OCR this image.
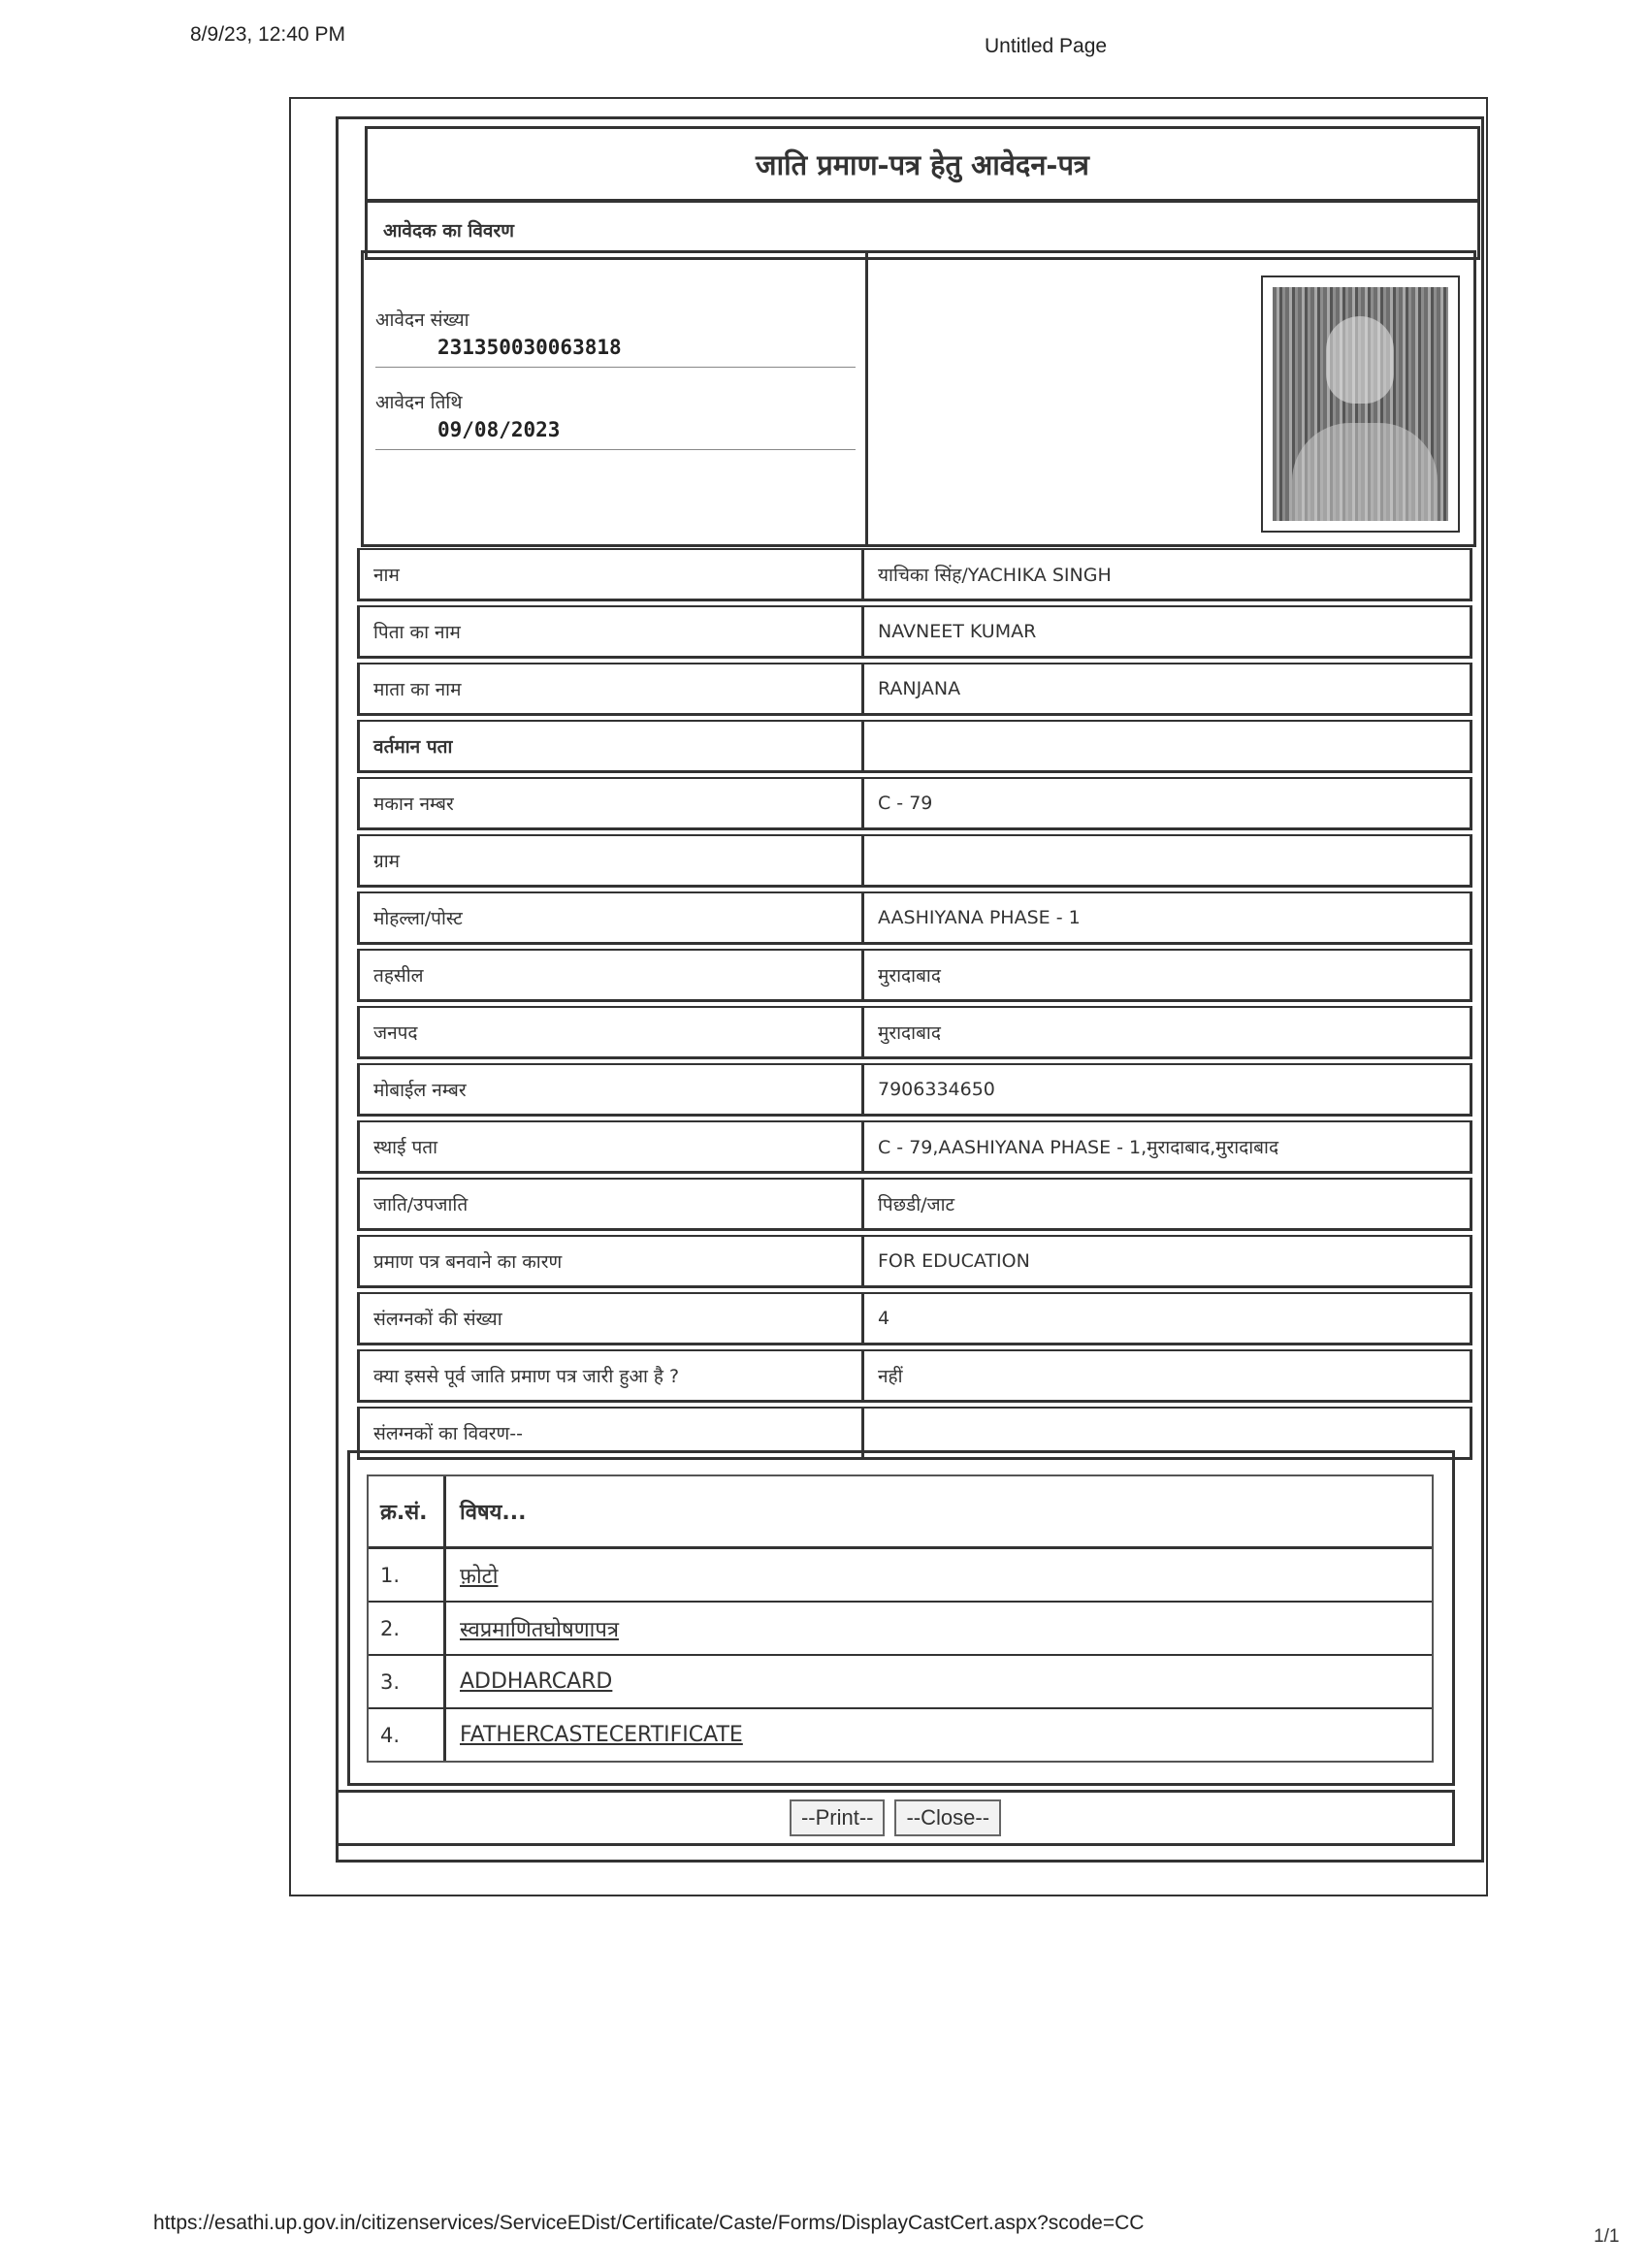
8/9/23, 12:40 PM
Untitled Page
जाति प्रमाण-पत्र हेतु आवेदन-पत्र
आवेदक का विवरण
आवेदन संख्या
231350030063818
आवेदन तिथि
09/08/2023
नाम	याचिका सिंह/YACHIKA SINGH
पिता का नाम	NAVNEET KUMAR
माता का नाम	RANJANA
वर्तमान पता
मकान नम्बर	C - 79
ग्राम
मोहल्ला/पोस्ट	AASHIYANA PHASE - 1
तहसील	मुरादाबाद
जनपद	मुरादाबाद
मोबाईल नम्बर	7906334650
स्थाई पता	C - 79,AASHIYANA PHASE - 1,मुरादाबाद,मुरादाबाद
जाति/उपजाति	पिछडी/जाट
प्रमाण पत्र बनवाने का कारण	FOR EDUCATION
संलग्नकों की संख्या	4
क्या इससे पूर्व जाति प्रमाण पत्र जारी हुआ है ?	नहीं
संलग्नकों का विवरण--
क्र.सं. विषय...
1.	फ़ोटो
2.	स्वप्रमाणितघोषणापत्र
3.	ADDHARCARD
4.	FATHERCASTECERTIFICATE
--Print--	--Close--
https://esathi.up.gov.in/citizenservices/ServiceEDist/Certificate/Caste/Forms/DisplayCastCert.aspx?scode=CC
1/1
